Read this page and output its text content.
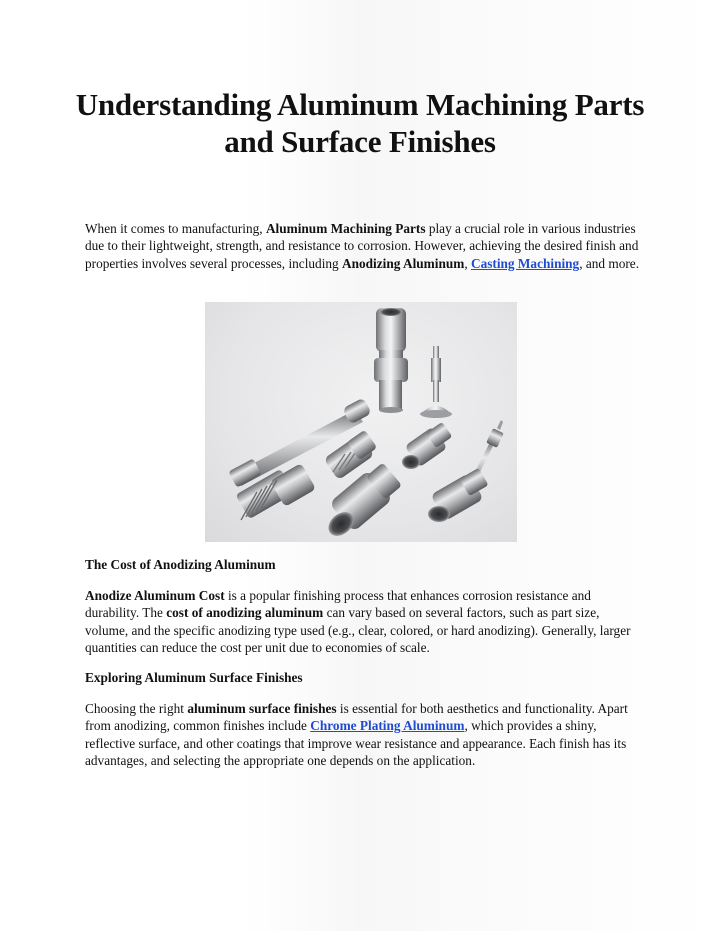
Understanding Aluminum Machining Parts and Surface Finishes

When it comes to manufacturing, Aluminum Machining Parts play a crucial role in various industries due to their lightweight, strength, and resistance to corrosion. However, achieving the desired finish and properties involves several processes, including Anodizing Aluminum, Casting Machining, and more.

The Cost of Anodizing Aluminum

Anodize Aluminum Cost is a popular finishing process that enhances corrosion resistance and durability. The cost of anodizing aluminum can vary based on several factors, such as part size, volume, and the specific anodizing type used (e.g., clear, colored, or hard anodizing). Generally, larger quantities can reduce the cost per unit due to economies of scale.

Exploring Aluminum Surface Finishes

Choosing the right aluminum surface finishes is essential for both aesthetics and functionality. Apart from anodizing, common finishes include Chrome Plating Aluminum, which provides a shiny, reflective surface, and other coatings that improve wear resistance and appearance. Each finish has its advantages, and selecting the appropriate one depends on the application.
